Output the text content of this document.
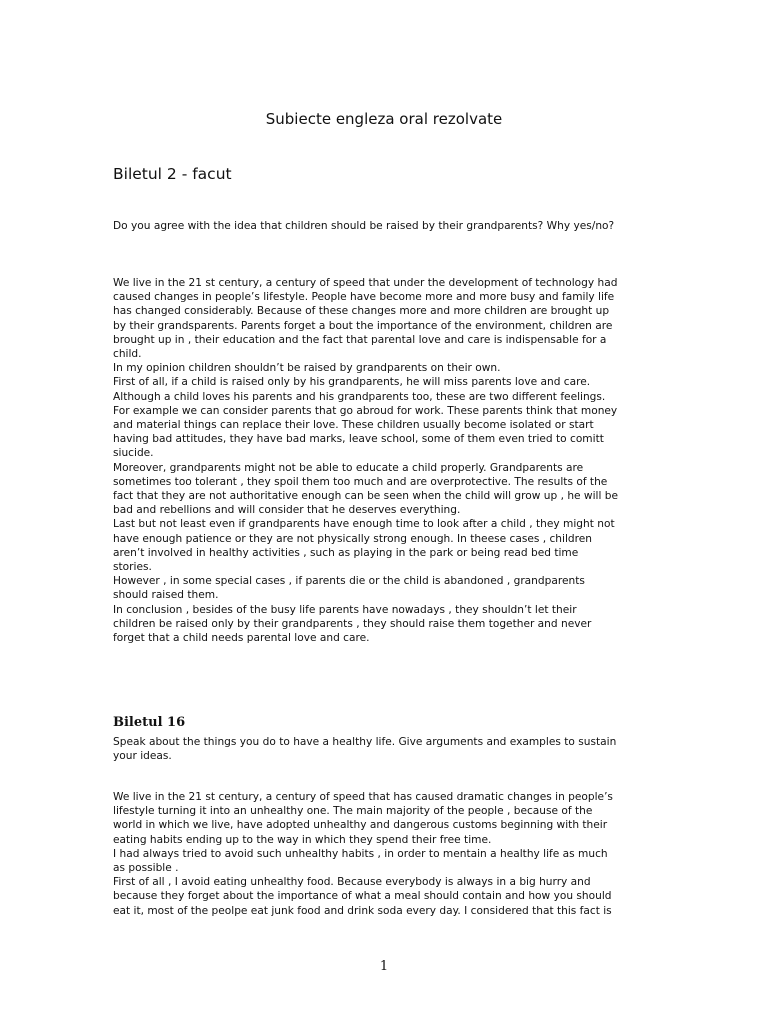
Subiecte engleza oral rezolvate
Biletul 2 - facut
Do you agree with the idea that children should be raised by their grandparents? Why yes/no?

We live in the 21 st century, a century of speed that under the development of technology had

caused changes in people’s lifestyle. People have become more and more busy and family life

has changed considerably. Because of these changes more and more children are brought up

by their grandsparents. Parents forget a bout the importance of the environment, children are

brought up in , their education and the fact that parental love and care is indispensable for a

child.

In my opinion children shouldn’t be raised by grandparents on their own.

First of all, if a child is raised only by his grandparents, he will miss parents love and care.

Although a child loves his parents and his grandparents too, these are two different feelings.

For example we can consider parents that go abroud for work. These parents think that money

and material things can replace their love. These children usually become isolated or start

having bad attitudes, they have bad marks, leave school, some of them even tried to comitt

siucide.

Moreover, grandparents might not be able to educate a child properly. Grandparents are

sometimes too tolerant , they spoil them too much and are overprotective. The results of the

fact that they are not authoritative enough can be seen when the child will grow up , he will be

bad and rebellions and will consider that he deserves everything.

Last but not least even if grandparents have enough time to look after a child , they might not

have enough patience or they are not physically strong enough. In theese cases , children

aren’t involved in healthy activities , such as playing in the park or being read bed time

stories.

However , in some special cases , if parents die or the child is abandoned , grandparents

should raised them.

In conclusion , besides of the busy life parents have nowadays , they shouldn’t let their

children be raised only by their grandparents , they should raise them together and never

forget that a child needs parental love and care.

Biletul 16

Speak about the things you do to have a healthy life. Give arguments and examples to sustain

your ideas.

We live in the 21 st century, a century of speed that has caused dramatic changes in people’s

lifestyle turning it into an unhealthy one. The main majority of the people , because of the

world in which we live, have adopted unhealthy and dangerous customs beginning with their

eating habits ending up to the way in which they spend their free time.

I had always tried to avoid such unhealthy habits , in order to mentain a healthy life as much

as possible .

First of all , I avoid eating unhealthy food. Because everybody is always in a big hurry and

because they forget about the importance of what a meal should contain and how you should

eat it, most of the peolpe eat junk food and drink soda every day. I considered that this fact is

1
